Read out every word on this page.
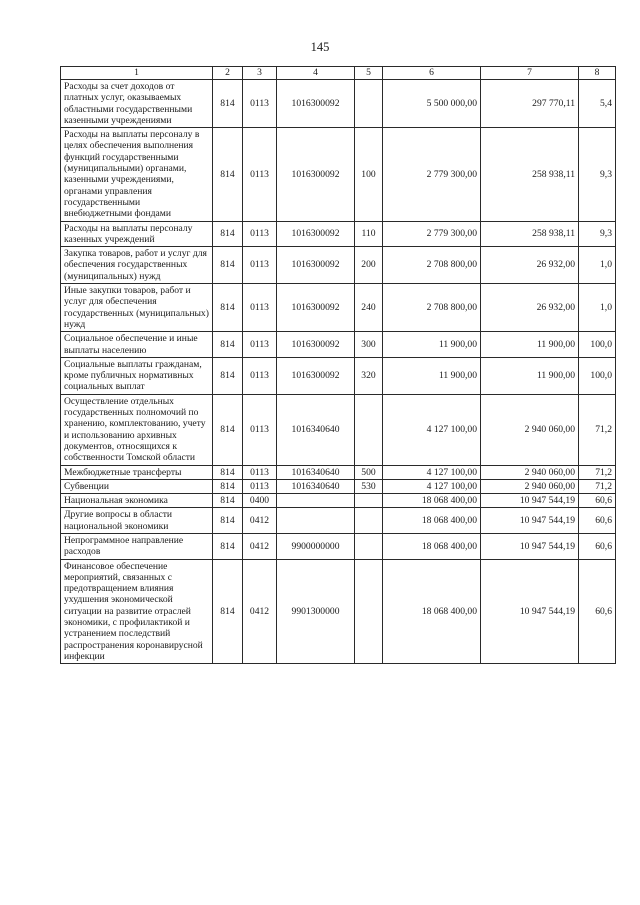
145
1	2	3	4	5	6	7	8
Расходы за счет доходов от платных услуг, оказываемых областными государственными казенными учреждениями	814	0113	1016300092		5 500 000,00	297 770,11	5,4
Расходы на выплаты персоналу в целях обеспечения выполнения функций государственными (муниципальными) органами, казенными учреждениями, органами управления государственными внебюджетными фондами	814	0113	1016300092	100	2 779 300,00	258 938,11	9,3
Расходы на выплаты персоналу казенных учреждений	814	0113	1016300092	110	2 779 300,00	258 938,11	9,3
Закупка товаров, работ и услуг для обеспечения государственных (муниципальных) нужд	814	0113	1016300092	200	2 708 800,00	26 932,00	1,0
Иные закупки товаров, работ и услуг для обеспечения государственных (муниципальных) нужд	814	0113	1016300092	240	2 708 800,00	26 932,00	1,0
Социальное обеспечение и иные выплаты населению	814	0113	1016300092	300	11 900,00	11 900,00	100,0
Социальные выплаты гражданам, кроме публичных нормативных социальных выплат	814	0113	1016300092	320	11 900,00	11 900,00	100,0
Осуществление отдельных государственных полномочий по хранению, комплектованию, учету и использованию архивных документов, относящихся к собственности Томской области	814	0113	1016340640		4 127 100,00	2 940 060,00	71,2
Межбюджетные трансферты	814	0113	1016340640	500	4 127 100,00	2 940 060,00	71,2
Субвенции	814	0113	1016340640	530	4 127 100,00	2 940 060,00	71,2
Национальная экономика	814	0400			18 068 400,00	10 947 544,19	60,6
Другие вопросы в области национальной экономики	814	0412			18 068 400,00	10 947 544,19	60,6
Непрограммное направление расходов	814	0412	9900000000		18 068 400,00	10 947 544,19	60,6
Финансовое обеспечение мероприятий, связанных с предотвращением влияния ухудшения экономической ситуации на развитие отраслей экономики, с профилактикой и устранением последствий распространения коронавирусной инфекции	814	0412	9901300000		18 068 400,00	10 947 544,19	60,6
